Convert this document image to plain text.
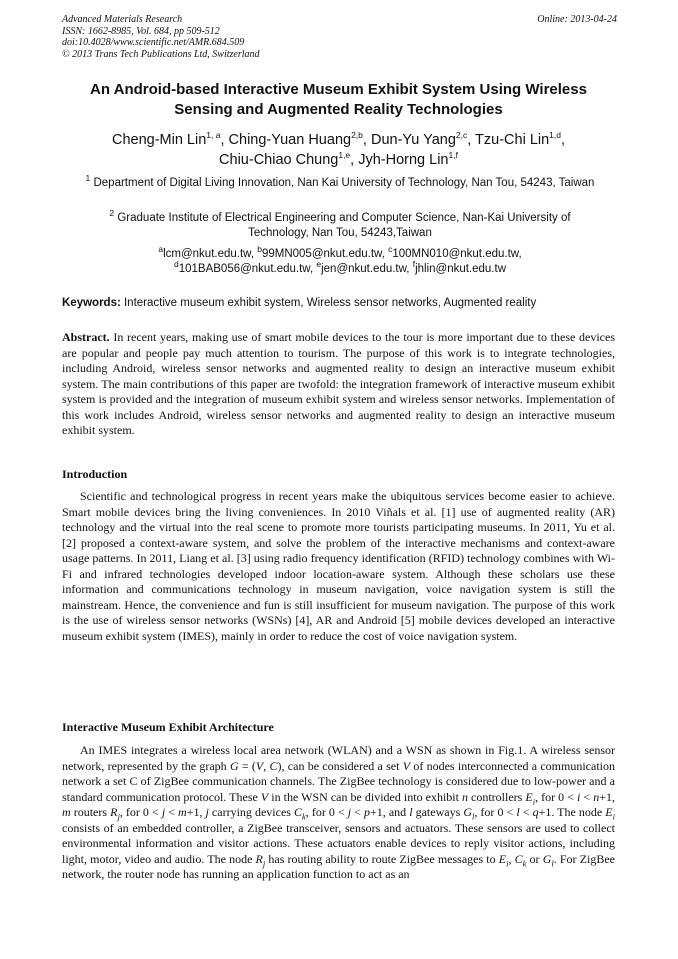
Advanced Materials Research
ISSN: 1662-8985, Vol. 684, pp 509-512
doi:10.4028/www.scientific.net/AMR.684.509
© 2013 Trans Tech Publications Ltd, Switzerland
Online: 2013-04-24
An Android-based Interactive Museum Exhibit System Using Wireless Sensing and Augmented Reality Technologies
Cheng-Min Lin$^{1, a}$, Ching-Yuan Huang$^{2,b}$, Dun-Yu Yang$^{2,c}$, Tzu-Chi Lin$^{1,d}$,
Chiu-Chiao Chung$^{1,e}$, Jyh-Horng Lin$^{1,f}$
$^1$ Department of Digital Living Innovation, Nan Kai University of Technology, Nan Tou, 54243, Taiwan
$^2$ Graduate Institute of Electrical Engineering and Computer Science, Nan-Kai University of Technology, Nan Tou, 54243,Taiwan
$^a$lcm@nkut.edu.tw, $^b$99MN005@nkut.edu.tw, $^c$100MN010@nkut.edu.tw,
$^d$101BAB056@nkut.edu.tw, $^e$jen@nkut.edu.tw, $^f$jhlin@nkut.edu.tw
Keywords: Interactive museum exhibit system, Wireless sensor networks, Augmented reality
Abstract. In recent years, making use of smart mobile devices to the tour is more important due to these devices are popular and people pay much attention to tourism. The purpose of this work is to integrate technologies, including Android, wireless sensor networks and augmented reality to design an interactive museum exhibit system. The main contributions of this paper are twofold: the integration framework of interactive museum exhibit system is provided and the integration of museum exhibit system and wireless sensor networks. Implementation of this work includes Android, wireless sensor networks and augmented reality to design an interactive museum exhibit system.
Introduction
Scientific and technological progress in recent years make the ubiquitous services become easier to achieve. Smart mobile devices bring the living conveniences. In 2010 Viñals et al. [1] use of augmented reality (AR) technology and the virtual into the real scene to promote more tourists participating museums. In 2011, Yu et al. [2] proposed a context-aware system, and solve the problem of the interactive mechanisms and context-aware usage patterns. In 2011, Liang et al. [3] using radio frequency identification (RFID) technology combines with Wi-Fi and infrared technologies developed indoor location-aware system. Although these scholars use these information and communications technology in museum navigation, voice navigation system is still the mainstream. Hence, the convenience and fun is still insufficient for museum navigation. The purpose of this work is the use of wireless sensor networks (WSNs) [4], AR and Android [5] mobile devices developed an interactive museum exhibit system (IMES), mainly in order to reduce the cost of voice navigation system.
Interactive Museum Exhibit Architecture
An IMES integrates a wireless local area network (WLAN) and a WSN as shown in Fig.1. A wireless sensor network, represented by the graph G = (V, C), can be considered a set V of nodes interconnected a communication network a set C of ZigBee communication channels. The ZigBee technology is considered due to low-power and a standard communication protocol. These V in the WSN can be divided into exhibit n controllers $E_i$, for 0 < i < n+1, m routers $R_j$, for 0 < j < m+1, j carrying devices $C_k$, for 0 < j < p+1, and l gateways $G_l$, for 0 < l < q+1. The node $E_i$ consists of an embedded controller, a ZigBee transceiver, sensors and actuators. These sensors are used to collect environmental information and visitor actions. These actuators enable devices to reply visitor actions, including light, motor, video and audio. The node $R_j$ has routing ability to route ZigBee messages to $E_i$, $C_k$ or $G_l$. For ZigBee network, the router node has running an application function to act as an
